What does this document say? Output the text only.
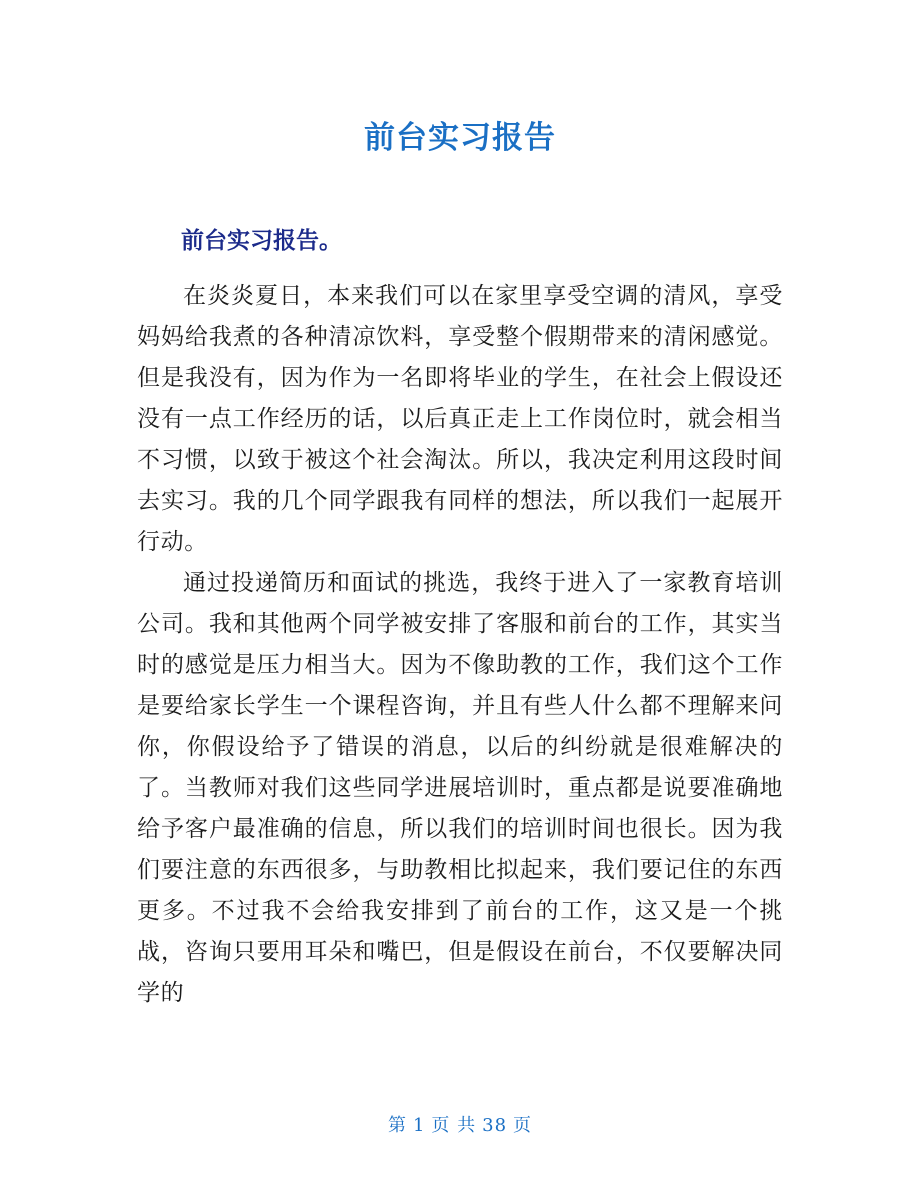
前台实习报告
前台实习报告。

在炎炎夏日，本来我们可以在家里享受空调的清风，享受妈妈给我煮的各种清凉饮料，享受整个假期带来的清闲感觉。但是我没有，因为作为一名即将毕业的学生，在社会上假设还没有一点工作经历的话，以后真正走上工作岗位时，就会相当不习惯，以致于被这个社会淘汰。所以，我决定利用这段时间去实习。我的几个同学跟我有同样的想法，所以我们一起展开行动。

通过投递简历和面试的挑选，我终于进入了一家教育培训公司。我和其他两个同学被安排了客服和前台的工作，其实当时的感觉是压力相当大。因为不像助教的工作，我们这个工作是要给家长学生一个课程咨询，并且有些人什么都不理解来问你，你假设给予了错误的消息，以后的纠纷就是很难解决的了。当教师对我们这些同学进展培训时，重点都是说要准确地给予客户最准确的信息，所以我们的培训时间也很长。因为我们要注意的东西很多，与助教相比拟起来，我们要记住的东西更多。不过我不会给我安排到了前台的工作，这又是一个挑战，咨询只要用耳朵和嘴巴，但是假设在前台，不仅要解决同学的

第 1 页 共 38 页
